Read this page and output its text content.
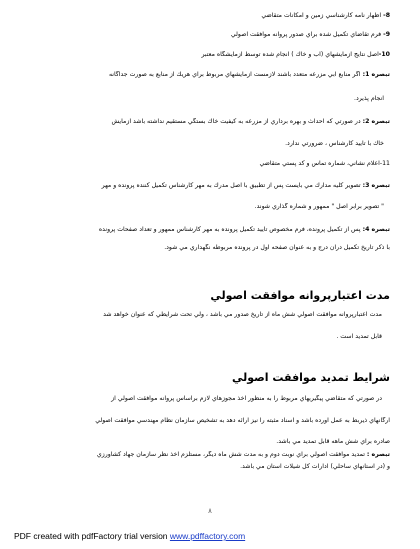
8- اظهار نامه كارشناسي زمين و امكانات متقاضي
9- فرم تقاضاي تكميل شده براي صدور پروانه موافقت اصولي
10-اصل نتايج آزمايشهاي (آب و خاك ) انجام شده توسط آزمايشگاه معتبر
تبصره 1: اگر منابع آبي مزرعه متعدد باشند لازمست آزمايشهاي مربوط براي هريك از منابع به صورت جداگانه
انجام پذيرد.
تبصره 2: در صورتي كه احداث و بهره برداري از مزرعه به كيفيت خاك بستگي مستقيم نداشته باشد آزمايش
خاك با تاييد كارشناس ، ضرورتي ندارد.
11-اعلام نشاني، شماره تماس و كد پستي متقاضي
تبصره 3: تصوير كليه مدارك مي بايست پس از تطبيق با اصل مدرك به مهر كارشناس تكميل كننده پرونده و مهر
" تصوير برابر اصل " ممهور و شماره گذاري شوند.
تبصره 4: پس از تكميل پرونده، فرم مخصوص تاييد تكميل پرونده به مهر كارشناس ممهور و تعداد صفحات پرونده
با ذكر تاريخ تكميل درآن درج و به عنوان صفحه اول در پرونده مربوطه نگهداري مي شود.
مدت اعتبارپروانه موافقت اصولي
مدت اعتبارپروانه موافقت اصولي شش ماه از تاريخ صدور مي باشد ، ولي تحت شرايطي كه عنوان خواهد شد
قابل تمديد است .
شرايط تمديد موافقت اصولي
در صورتي كه متقاضي پيگيريهاي مربوط را به منظور اخذ مجوزهاي لازم براساس پروانه موافقت اصولي از
ارگانهاي ذيربط به عمل آورده باشد و اسناد مثبته را نيز ارائه دهد به تشخيص سازمان نظام مهندسي موافقت اصولي
صادره براي شش ماهه قابل تمديد مي باشد.
تبصره : تمديد موافقت اصولي براي نوبت دوم و به مدت شش ماه ديگر، مستلزم اخذ نظر سازمان جهاد كشاورزي
و (در استانهاي ساحلي) ادارات كل شيلات استان مي باشد.
٨
PDF created with pdfFactory trial version www.pdffactory.com
